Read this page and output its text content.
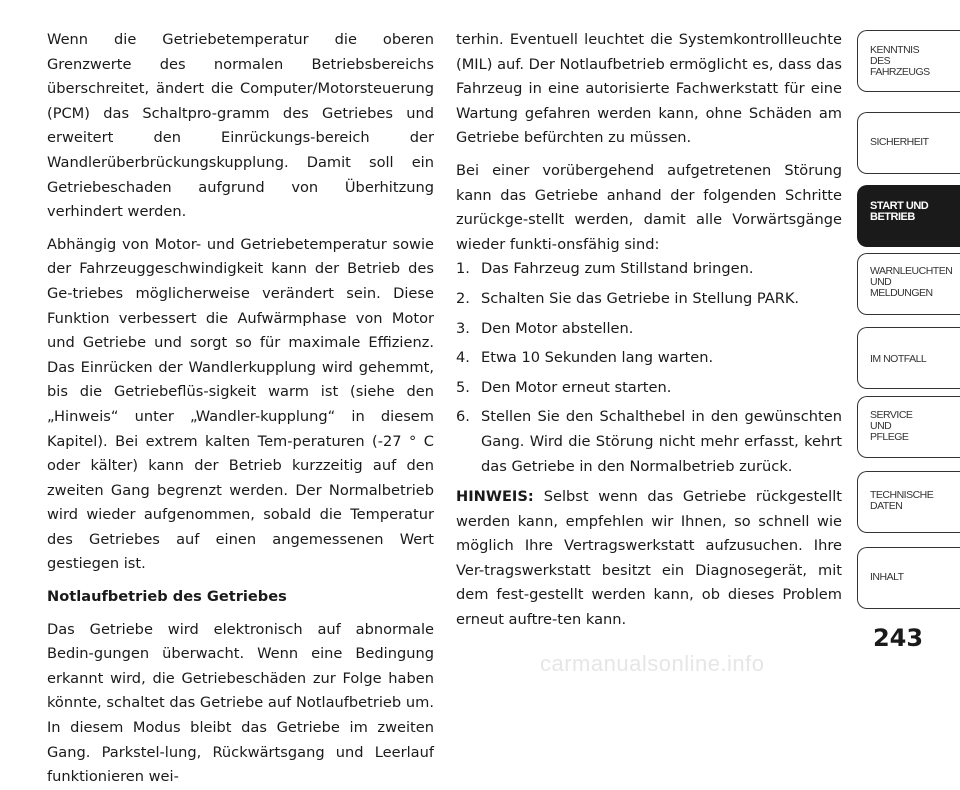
Wenn die Getriebetemperatur die oberen Grenzwerte des normalen Betriebsbereichs überschreitet, ändert die Computer/Motorsteuerung (PCM) das Schaltpro-gramm des Getriebes und erweitert den Einrückungs-bereich der Wandlerüberbrückungskupplung. Damit soll ein Getriebeschaden aufgrund von Überhitzung verhindert werden.

Abhängig von Motor- und Getriebetemperatur sowie der Fahrzeuggeschwindigkeit kann der Betrieb des Ge-triebes möglicherweise verändert sein. Diese Funktion verbessert die Aufwärmphase von Motor und Getriebe und sorgt so für maximale Effizienz. Das Einrücken der Wandlerkupplung wird gehemmt, bis die Getriebeflüs-sigkeit warm ist (siehe den „Hinweis“ unter „Wandler-kupplung“ in diesem Kapitel). Bei extrem kalten Tem-peraturen (-27 ° C oder kälter) kann der Betrieb kurzzeitig auf den zweiten Gang begrenzt werden. Der Normalbetrieb wird wieder aufgenommen, sobald die Temperatur des Getriebes auf einen angemessenen Wert gestiegen ist.

Notlaufbetrieb des Getriebes

Das Getriebe wird elektronisch auf abnormale Bedin-gungen überwacht. Wenn eine Bedingung erkannt wird, die Getriebeschäden zur Folge haben könnte, schaltet das Getriebe auf Notlaufbetrieb um. In diesem Modus bleibt das Getriebe im zweiten Gang. Parkstel-lung, Rückwärtsgang und Leerlauf funktionieren wei-

terhin. Eventuell leuchtet die Systemkontrollleuchte (MIL) auf. Der Notlaufbetrieb ermöglicht es, dass das Fahrzeug in eine autorisierte Fachwerkstatt für eine Wartung gefahren werden kann, ohne Schäden am Getriebe befürchten zu müssen.

Bei einer vorübergehend aufgetretenen Störung kann das Getriebe anhand der folgenden Schritte zurückge-stellt werden, damit alle Vorwärtsgänge wieder funkti-onsfähig sind:

1. Das Fahrzeug zum Stillstand bringen.
2. Schalten Sie das Getriebe in Stellung PARK.
3. Den Motor abstellen.
4. Etwa 10 Sekunden lang warten.
5. Den Motor erneut starten.
6. Stellen Sie den Schalthebel in den gewünschten Gang. Wird die Störung nicht mehr erfasst, kehrt das Getriebe in den Normalbetrieb zurück.

HINWEIS: Selbst wenn das Getriebe rückgestellt werden kann, empfehlen wir Ihnen, so schnell wie möglich Ihre Vertragswerkstatt aufzusuchen. Ihre Ver-tragswerkstatt besitzt ein Diagnosegerät, mit dem fest-gestellt werden kann, ob dieses Problem erneut auftre-ten kann.

KENNTNIS
DES
FAHRZEUGS
SICHERHEIT
START UND
BETRIEB
WARNLEUCHTEN
UND
MELDUNGEN
IM NOTFALL
SERVICE
UND
PFLEGE
TECHNISCHE
DATEN
INHALT
243
carmanualsonline.info
